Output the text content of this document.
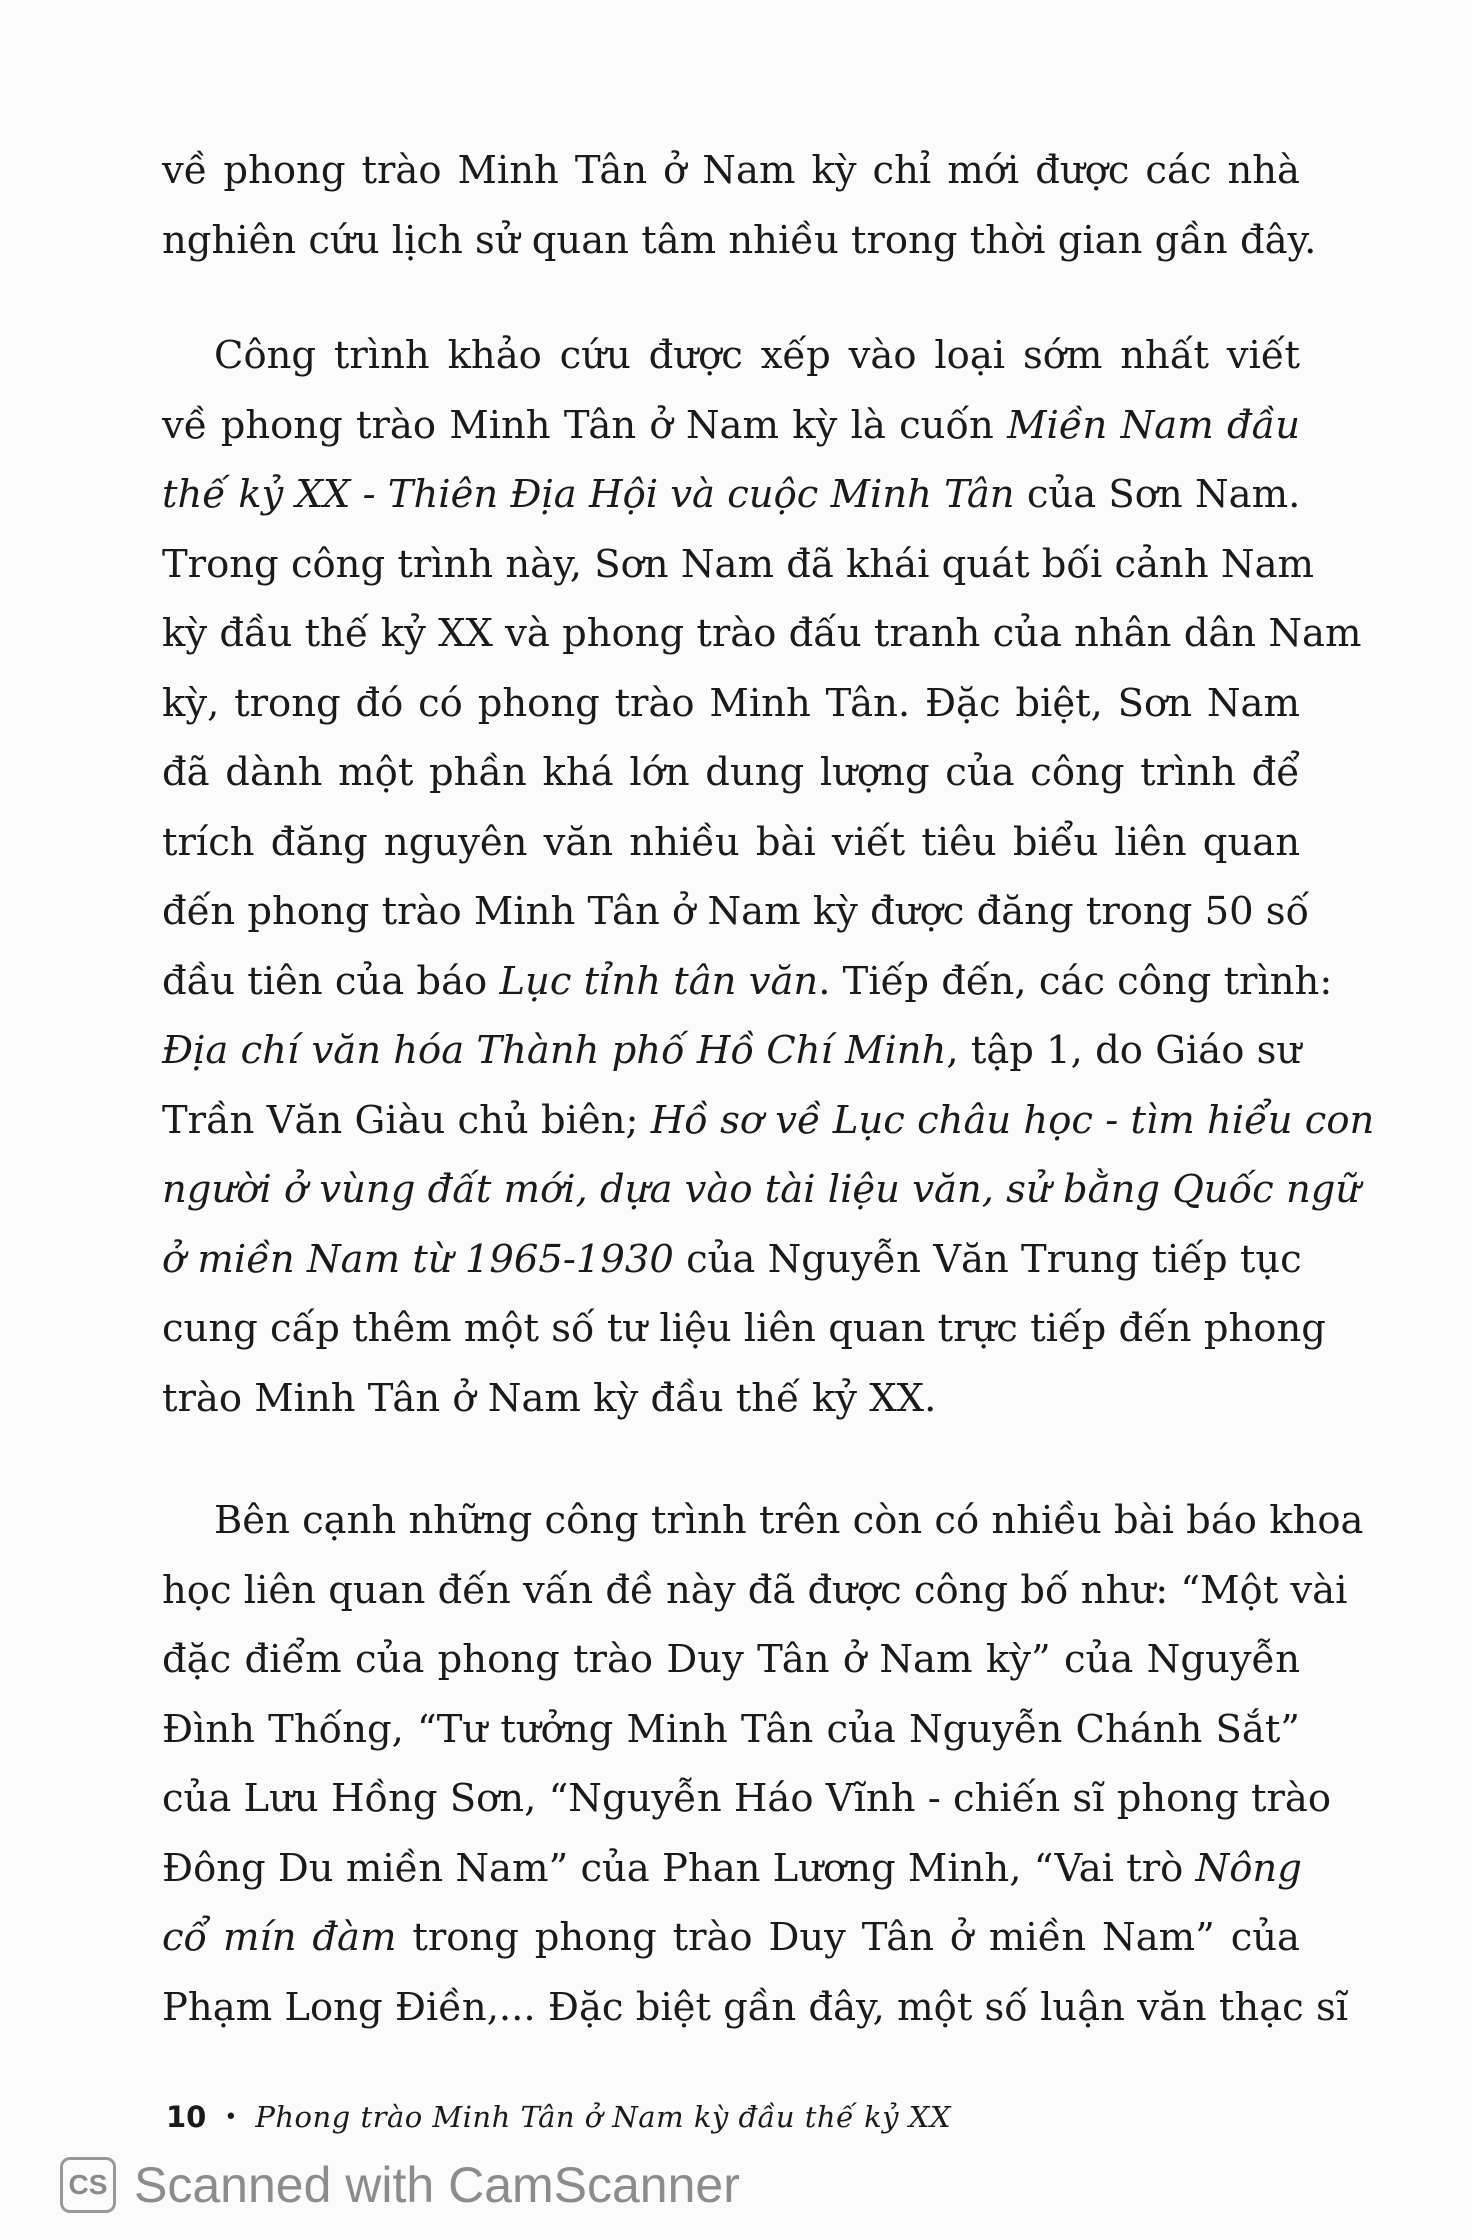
về phong trào Minh Tân ở Nam kỳ chỉ mới được các nhà
nghiên cứu lịch sử quan tâm nhiều trong thời gian gần đây.
Công trình khảo cứu được xếp vào loại sớm nhất viết
về phong trào Minh Tân ở Nam kỳ là cuốn Miền Nam đầu
thế kỷ XX - Thiên Địa Hội và cuộc Minh Tân của Sơn Nam.
Trong công trình này, Sơn Nam đã khái quát bối cảnh Nam
kỳ đầu thế kỷ XX và phong trào đấu tranh của nhân dân Nam
kỳ, trong đó có phong trào Minh Tân. Đặc biệt, Sơn Nam
đã dành một phần khá lớn dung lượng của công trình để
trích đăng nguyên văn nhiều bài viết tiêu biểu liên quan
đến phong trào Minh Tân ở Nam kỳ được đăng trong 50 số
đầu tiên của báo Lục tỉnh tân văn. Tiếp đến, các công trình:
Địa chí văn hóa Thành phố Hồ Chí Minh, tập 1, do Giáo sư
Trần Văn Giàu chủ biên; Hồ sơ về Lục châu học - tìm hiểu con
người ở vùng đất mới, dựa vào tài liệu văn, sử bằng Quốc ngữ
ở miền Nam từ 1965-1930 của Nguyễn Văn Trung tiếp tục
cung cấp thêm một số tư liệu liên quan trực tiếp đến phong
trào Minh Tân ở Nam kỳ đầu thế kỷ XX.
Bên cạnh những công trình trên còn có nhiều bài báo khoa
học liên quan đến vấn đề này đã được công bố như: “Một vài
đặc điểm của phong trào Duy Tân ở Nam kỳ” của Nguyễn
Đình Thống, “Tư tưởng Minh Tân của Nguyễn Chánh Sắt”
của Lưu Hồng Sơn, “Nguyễn Háo Vĩnh - chiến sĩ phong trào
Đông Du miền Nam” của Phan Lương Minh, “Vai trò Nông
cổ mín đàm trong phong trào Duy Tân ở miền Nam” của
Phạm Long Điền,... Đặc biệt gần đây, một số luận văn thạc sĩ
10 • Phong trào Minh Tân ở Nam kỳ đầu thế kỷ XX
CS Scanned with CamScanner
